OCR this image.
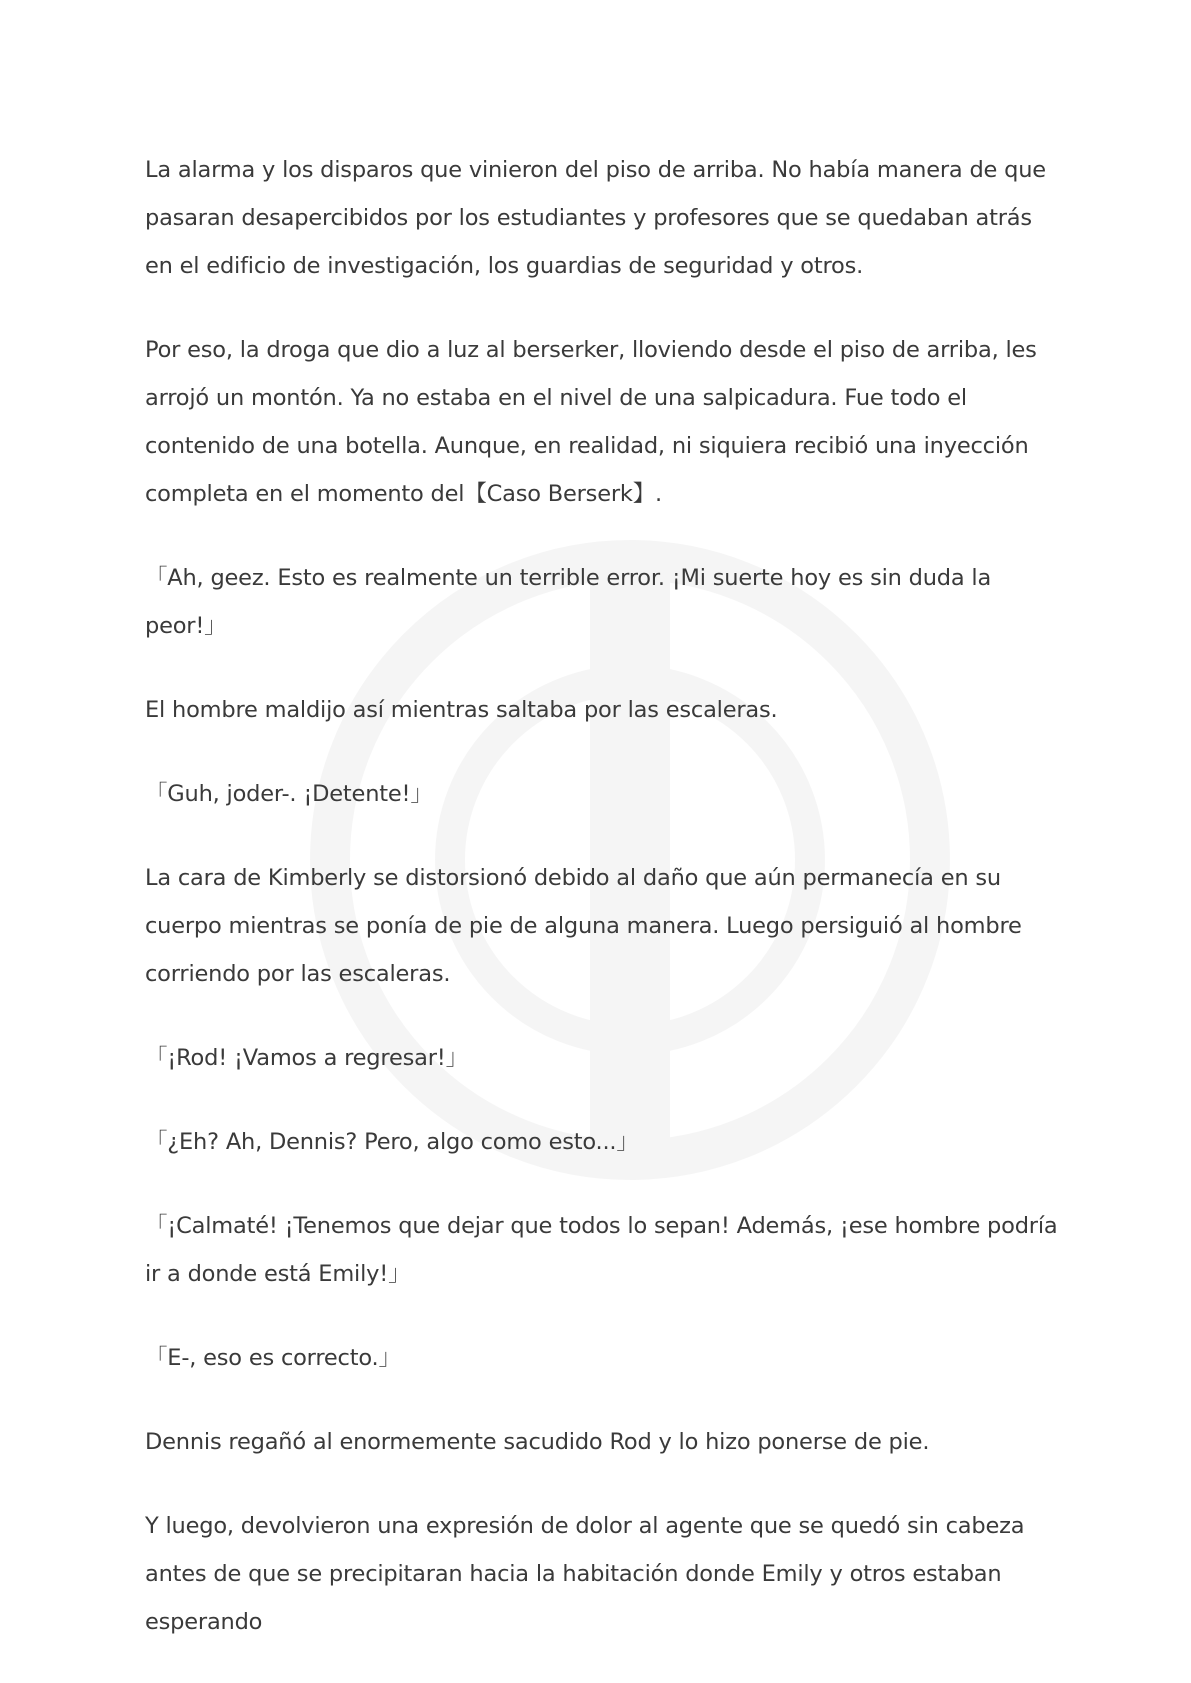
La alarma y los disparos que vinieron del piso de arriba. No había manera de que pasaran desapercibidos por los estudiantes y profesores que se quedaban atrás en el edificio de investigación, los guardias de seguridad y otros.

Por eso, la droga que dio a luz al berserker, lloviendo desde el piso de arriba, les arrojó un montón. Ya no estaba en el nivel de una salpicadura. Fue todo el contenido de una botella. Aunque, en realidad, ni siquiera recibió una inyección completa en el momento del【Caso Berserk】.

「Ah, geez. Esto es realmente un terrible error. ¡Mi suerte hoy es sin duda la peor!」

El hombre maldijo así mientras saltaba por las escaleras.

「Guh, joder-. ¡Detente!」

La cara de Kimberly se distorsionó debido al daño que aún permanecía en su cuerpo mientras se ponía de pie de alguna manera. Luego persiguió al hombre corriendo por las escaleras.

「¡Rod! ¡Vamos a regresar!」

「¿Eh? Ah, Dennis? Pero, algo como esto...」

「¡Calmaté! ¡Tenemos que dejar que todos lo sepan! Además, ¡ese hombre podría ir a donde está Emily!」

「E-, eso es correcto.」

Dennis regañó al enormemente sacudido Rod y lo hizo ponerse de pie.

Y luego, devolvieron una expresión de dolor al agente que se quedó sin cabeza antes de que se precipitaran hacia la habitación donde Emily y otros estaban esperando
